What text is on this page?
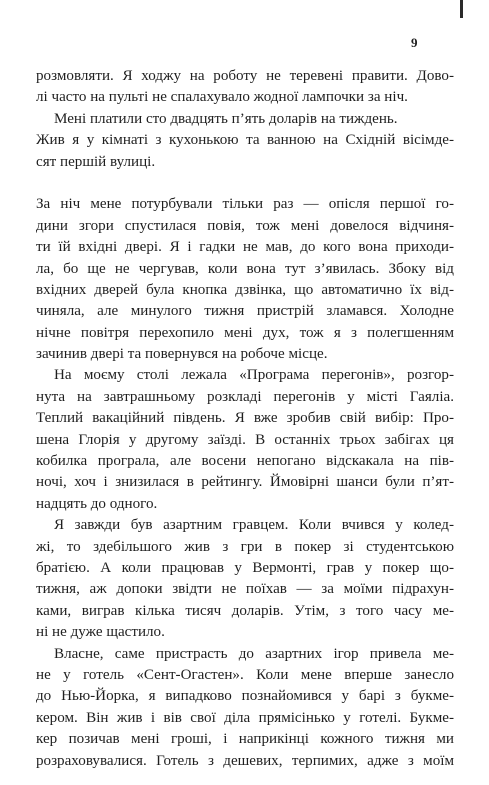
9

розмовляти. Я ходжу на роботу не теревені правити. Дово-
лі часто на пульті не спалахувало жодної лампочки за ніч.

Мені платили сто двадцять п’ять доларів на тиждень.
Жив я у кімнаті з кухонькою та ванною на Східній вісімде-
сят першій вулиці.

За ніч мене потурбували тільки раз — опісля першої го-
дини згори спустилася повія, тож мені довелося відчиня-
ти їй вхідні двері. Я і гадки не мав, до кого вона приходи-
ла, бо ще не чергував, коли вона тут з’явилась. Збоку від
вхідних дверей була кнопка дзвінка, що автоматично їх від-
чиняла, але минулого тижня пристрій зламався. Холодне
нічне повітря перехопило мені дух, тож я з полегшенням
зачинив двері та повернувся на робоче місце.

На моєму столі лежала «Програма перегонів», розгор-
нута на завтрашньому розкладі перегонів у місті Гаяліа.
Теплий вакаційний південь. Я вже зробив свій вибір: Про-
шена Глорія у другому заїзді. В останніх трьох забігах ця
кобилка програла, але восени непогано відскакала на пів-
ночі, хоч і знизилася в рейтингу. Ймовірні шанси були п’ят-
надцять до одного.

Я завжди був азартним гравцем. Коли вчився у колед-
жі, то здебільшого жив з гри в покер зі студентською
братією. А коли працював у Вермонті, грав у покер що-
тижня, аж допоки звідти не поїхав — за моїми підрахун-
ками, виграв кілька тисяч доларів. Утім, з того часу ме-
ні не дуже щастило.

Власне, саме пристрасть до азартних ігор привела ме-
не у готель «Сент-Огастен». Коли мене вперше занесло
до Нью-Йорка, я випадково познайомився у барі з букме-
кером. Він жив і вів свої діла прямісінько у готелі. Букме-
кер позичав мені гроші, і наприкінці кожного тижня ми
розраховувалися. Готель з дешевих, терпимих, адже з моїм
